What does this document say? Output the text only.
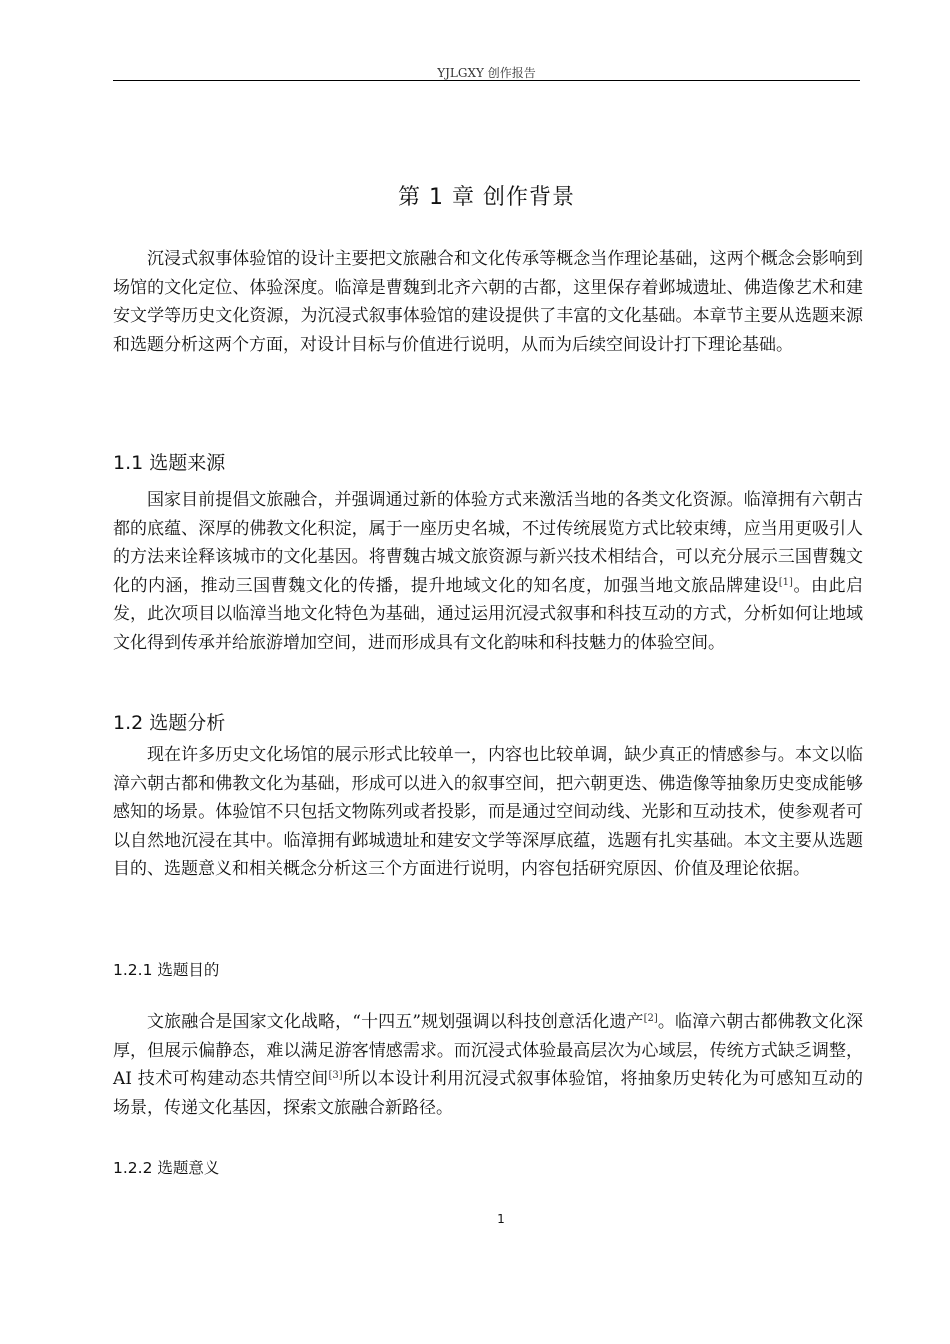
YJLGXY 创作报告
第 1 章 创作背景

沉浸式叙事体验馆的设计主要把文旅融合和文化传承等概念当作理论基础，这两个概念会影响到场馆的文化定位、体验深度。临漳是曹魏到北齐六朝的古都，这里保存着邺城遗址、佛造像艺术和建安文学等历史文化资源，为沉浸式叙事体验馆的建设提供了丰富的文化基础。本章节主要从选题来源和选题分析这两个方面，对设计目标与价值进行说明，从而为后续空间设计打下理论基础。

1.1 选题来源

国家目前提倡文旅融合，并强调通过新的体验方式来激活当地的各类文化资源。临漳拥有六朝古都的底蕴、深厚的佛教文化积淀，属于一座历史名城，不过传统展览方式比较束缚，应当用更吸引人的方法来诠释该城市的文化基因。将曹魏古城文旅资源与新兴技术相结合，可以充分展示三国曹魏文化的内涵，推动三国曹魏文化的传播，提升地域文化的知名度，加强当地文旅品牌建设[1]。由此启发，此次项目以临漳当地文化特色为基础，通过运用沉浸式叙事和科技互动的方式，分析如何让地域文化得到传承并给旅游增加空间，进而形成具有文化韵味和科技魅力的体验空间。

1.2 选题分析

现在许多历史文化场馆的展示形式比较单一，内容也比较单调，缺少真正的情感参与。本文以临漳六朝古都和佛教文化为基础，形成可以进入的叙事空间，把六朝更迭、佛造像等抽象历史变成能够感知的场景。体验馆不只包括文物陈列或者投影，而是通过空间动线、光影和互动技术，使参观者可以自然地沉浸在其中。临漳拥有邺城遗址和建安文学等深厚底蕴，选题有扎实基础。本文主要从选题目的、选题意义和相关概念分析这三个方面进行说明，内容包括研究原因、价值及理论依据。

1.2.1 选题目的

文旅融合是国家文化战略，“十四五”规划强调以科技创意活化遗产[2]。临漳六朝古都佛教文化深厚，但展示偏静态，难以满足游客情感需求。而沉浸式体验最高层次为心域层，传统方式缺乏调整，AI 技术可构建动态共情空间[3]所以本设计利用沉浸式叙事体验馆，将抽象历史转化为可感知互动的场景，传递文化基因，探索文旅融合新路径。

1.2.2 选题意义
1
